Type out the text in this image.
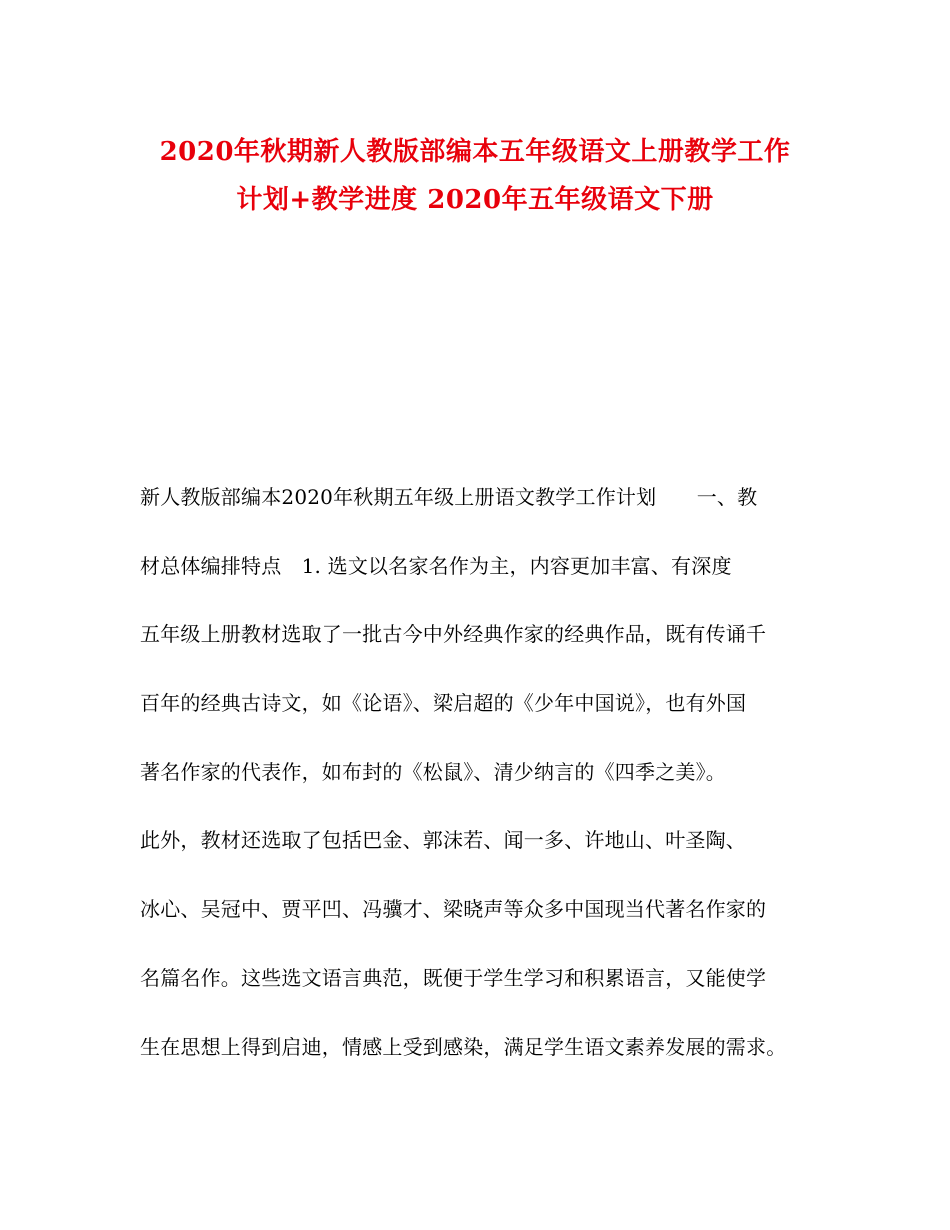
2020年秋期新人教版部编本五年级语文上册教学工作
计划+教学进度 2020年五年级语文下册
新人教版部编本2020年秋期五年级上册语文教学工作计划　　一、教
材总体编排特点　1. 选文以名家名作为主，内容更加丰富、有深度
五年级上册教材选取了一批古今中外经典作家的经典作品，既有传诵千
百年的经典古诗文，如《论语》、梁启超的《少年中国说》，也有外国
著名作家的代表作，如布封的《松鼠》、清少纳言的《四季之美》。
此外，教材还选取了包括巴金、郭沫若、闻一多、许地山、叶圣陶、
冰心、吴冠中、贾平凹、冯骥才、梁晓声等众多中国现当代著名作家的
名篇名作。这些选文语言典范，既便于学生学习和积累语言，又能使学
生在思想上得到启迪，情感上受到感染，满足学生语文素养发展的需求。
